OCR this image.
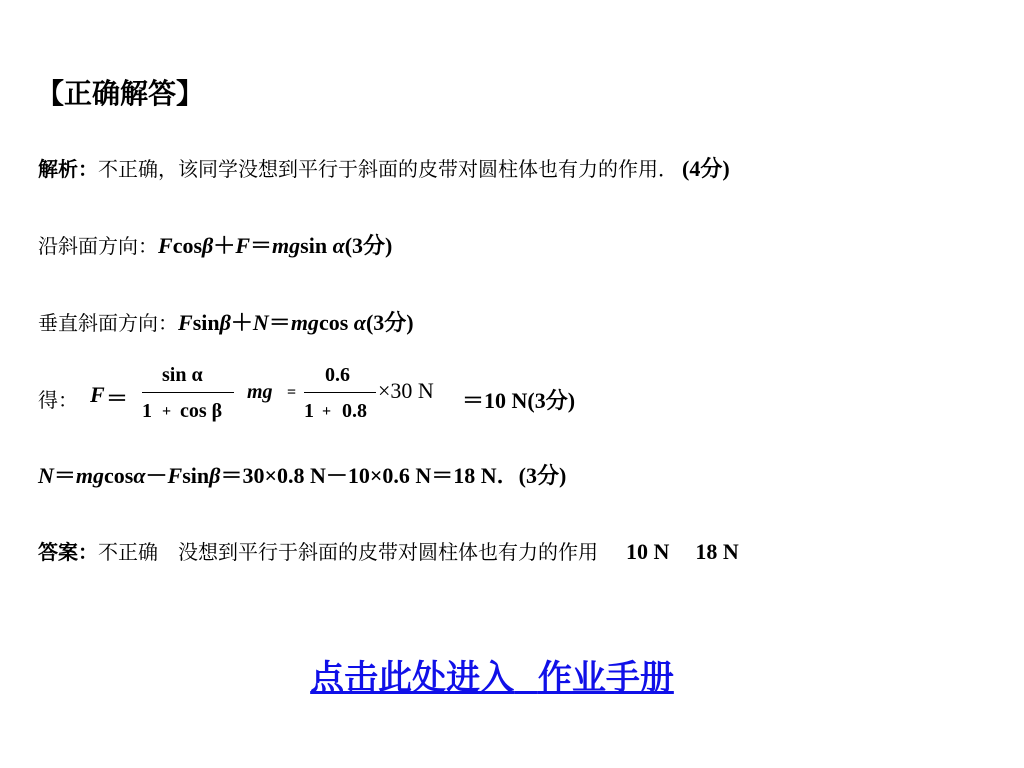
【正确解答】
解析：不正确，该同学没想到平行于斜面的皮带对圆柱体也有力的作用． (4分)
沿斜面方向：Fcosβ＋F＝mgsin α(3分)
垂直斜面方向：Fsinβ＋N＝mgcos α(3分)
得： F ＝
sin α
1 + cos β
mg =
0.6
1 + 0.8
×30 N ＝10 N(3分)
N＝mgcosα－Fsinβ＝30×0.8 N－10×0.6 N＝18 N．(3分)
答案：不正确　没想到平行于斜面的皮带对圆柱体也有力的作用 10 N 18 N
点击此处进入 作业手册
